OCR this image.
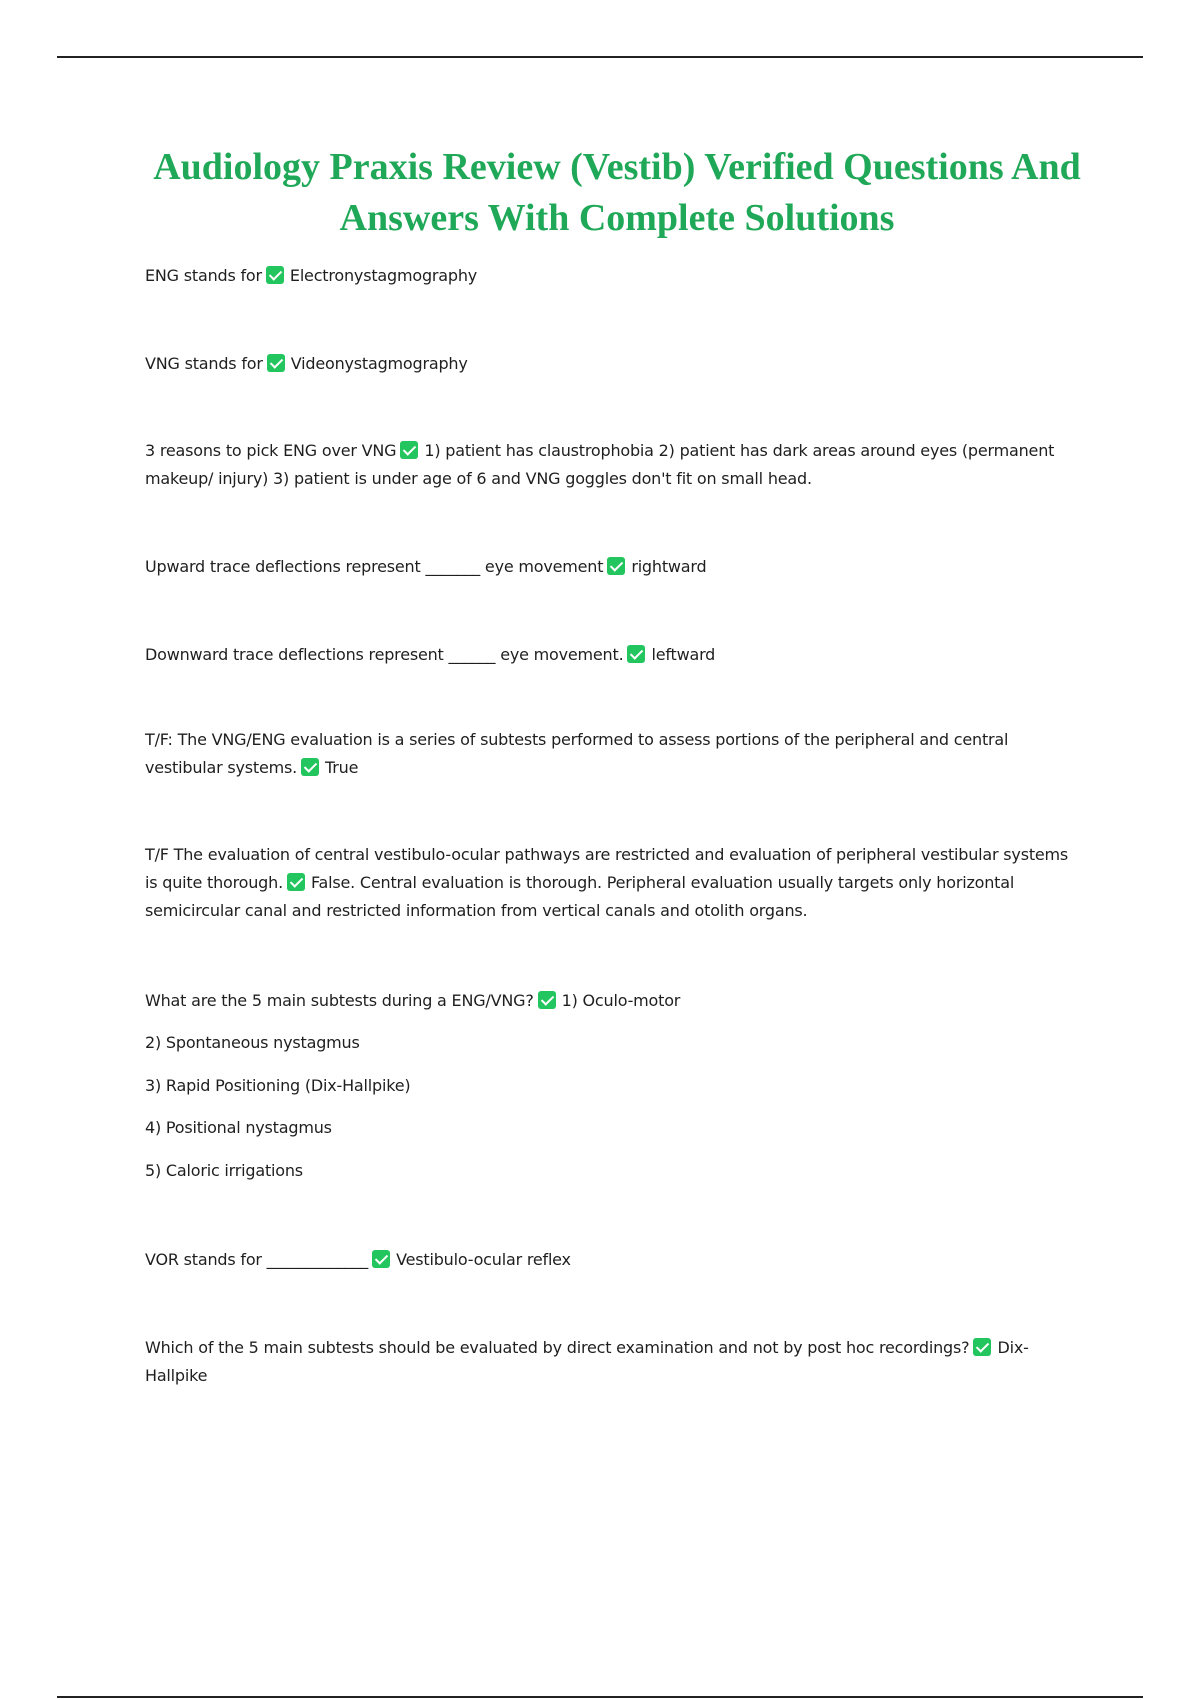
Audiology Praxis Review (Vestib) Verified Questions And Answers With Complete Solutions

ENG stands for Electronystagmography

VNG stands for Videonystagmography

3 reasons to pick ENG over VNG 1) patient has claustrophobia 2) patient has dark areas around eyes (permanent makeup/ injury) 3) patient is under age of 6 and VNG goggles don't fit on small head.

Upward trace deflections represent _______ eye movement rightward

Downward trace deflections represent ______ eye movement. leftward

T/F: The VNG/ENG evaluation is a series of subtests performed to assess portions of the peripheral and central vestibular systems. True

T/F The evaluation of central vestibulo-ocular pathways are restricted and evaluation of peripheral vestibular systems is quite thorough. False. Central evaluation is thorough. Peripheral evaluation usually targets only horizontal semicircular canal and restricted information from vertical canals and otolith organs.

What are the 5 main subtests during a ENG/VNG? 1) Oculo-motor

2) Spontaneous nystagmus

3) Rapid Positioning (Dix-Hallpike)

4) Positional nystagmus

5) Caloric irrigations

VOR stands for _____________ Vestibulo-ocular reflex

Which of the 5 main subtests should be evaluated by direct examination and not by post hoc recordings? Dix-Hallpike
